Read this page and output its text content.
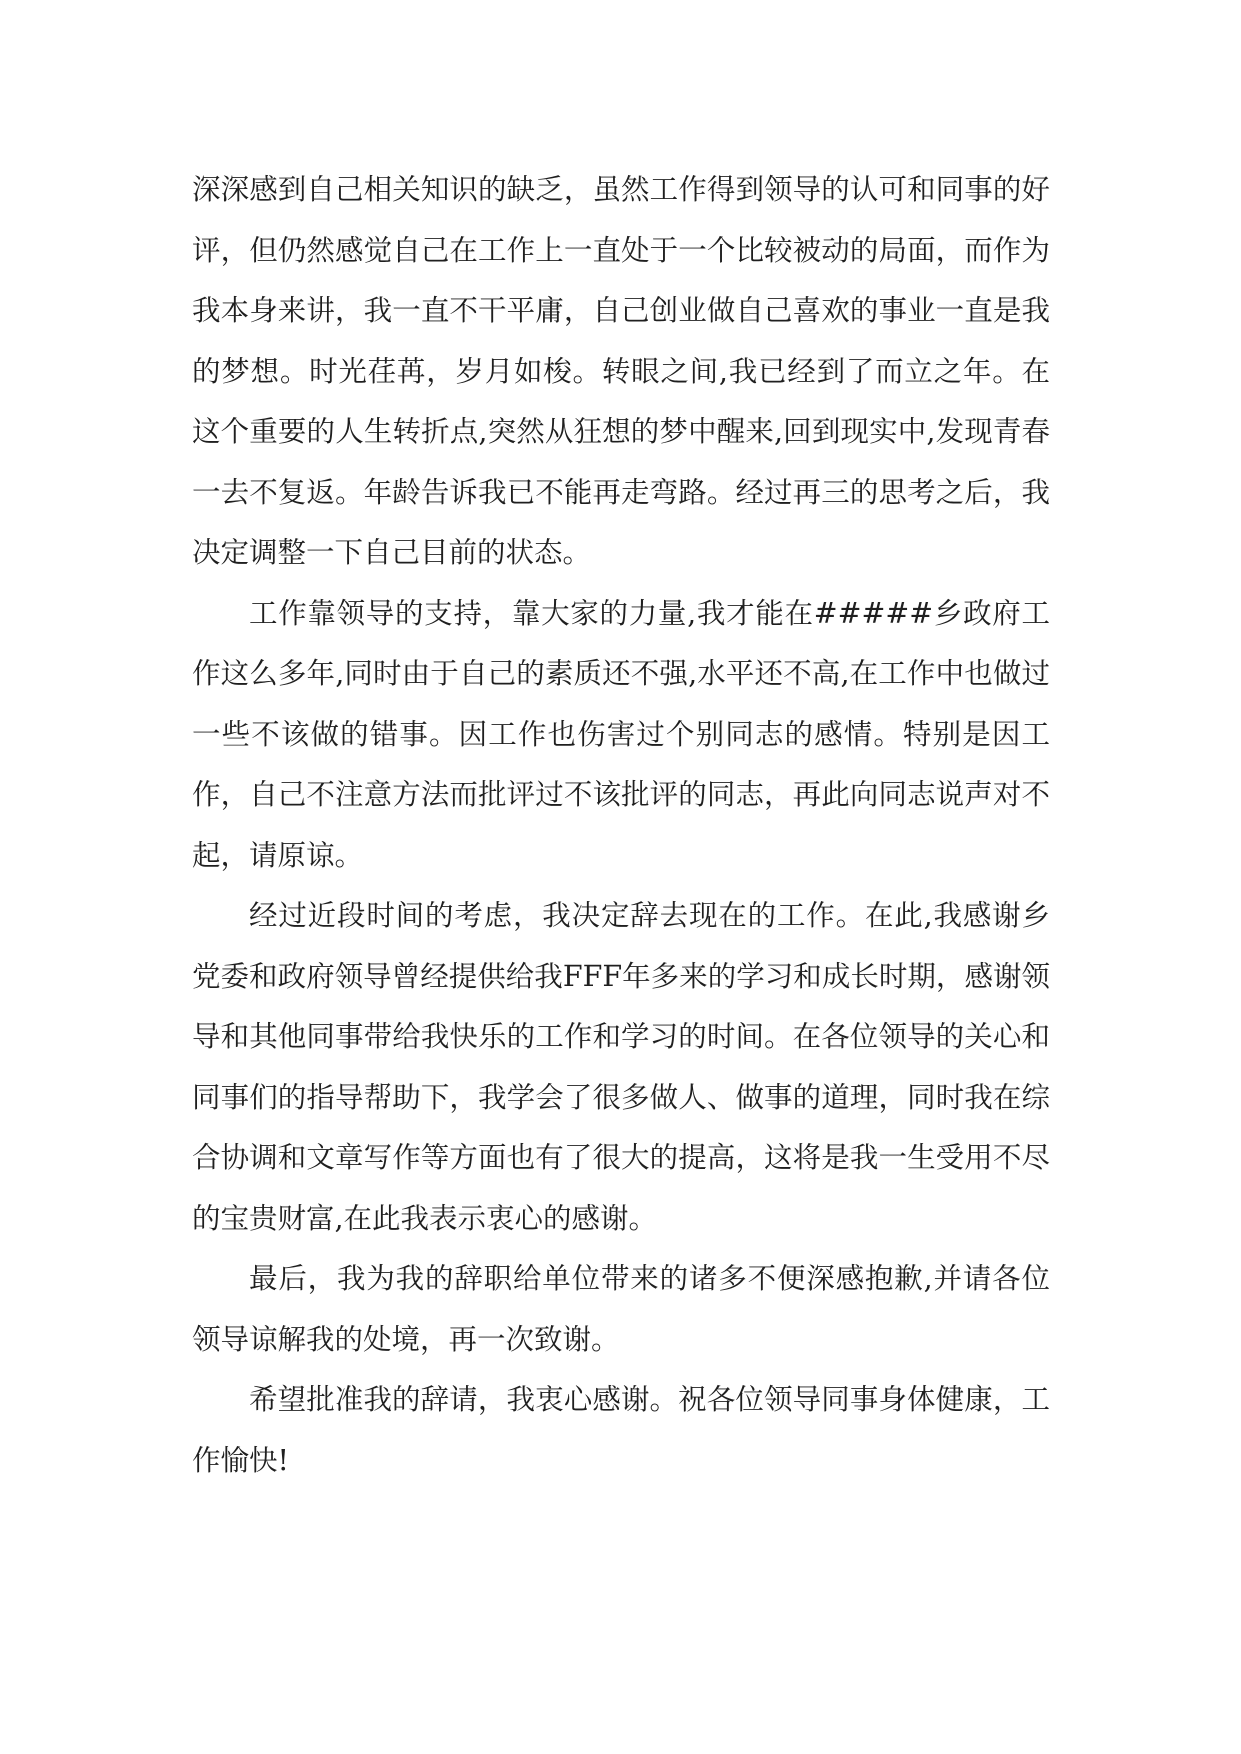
深深感到自己相关知识的缺乏，虽然工作得到领导的认可和同事的好评，但仍然感觉自己在工作上一直处于一个比较被动的局面，而作为我本身来讲，我一直不干平庸，自己创业做自己喜欢的事业一直是我的梦想。时光荏苒，岁月如梭。转眼之间,我已经到了而立之年。在这个重要的人生转折点,突然从狂想的梦中醒来,回到现实中,发现青春一去不复返。年龄告诉我已不能再走弯路。经过再三的思考之后，我决定调整一下自己目前的状态。

工作靠领导的支持，靠大家的力量,我才能在#####乡政府工作这么多年,同时由于自己的素质还不强,水平还不高,在工作中也做过一些不该做的错事。因工作也伤害过个别同志的感情。特别是因工作，自己不注意方法而批评过不该批评的同志，再此向同志说声对不起，请原谅。

经过近段时间的考虑，我决定辞去现在的工作。在此,我感谢乡党委和政府领导曾经提供给我FFF年多来的学习和成长时期，感谢领导和其他同事带给我快乐的工作和学习的时间。在各位领导的关心和同事们的指导帮助下，我学会了很多做人、做事的道理，同时我在综合协调和文章写作等方面也有了很大的提高，这将是我一生受用不尽的宝贵财富,在此我表示衷心的感谢。

最后，我为我的辞职给单位带来的诸多不便深感抱歉,并请各位领导谅解我的处境，再一次致谢。

希望批准我的辞请，我衷心感谢。祝各位领导同事身体健康，工作愉快!
